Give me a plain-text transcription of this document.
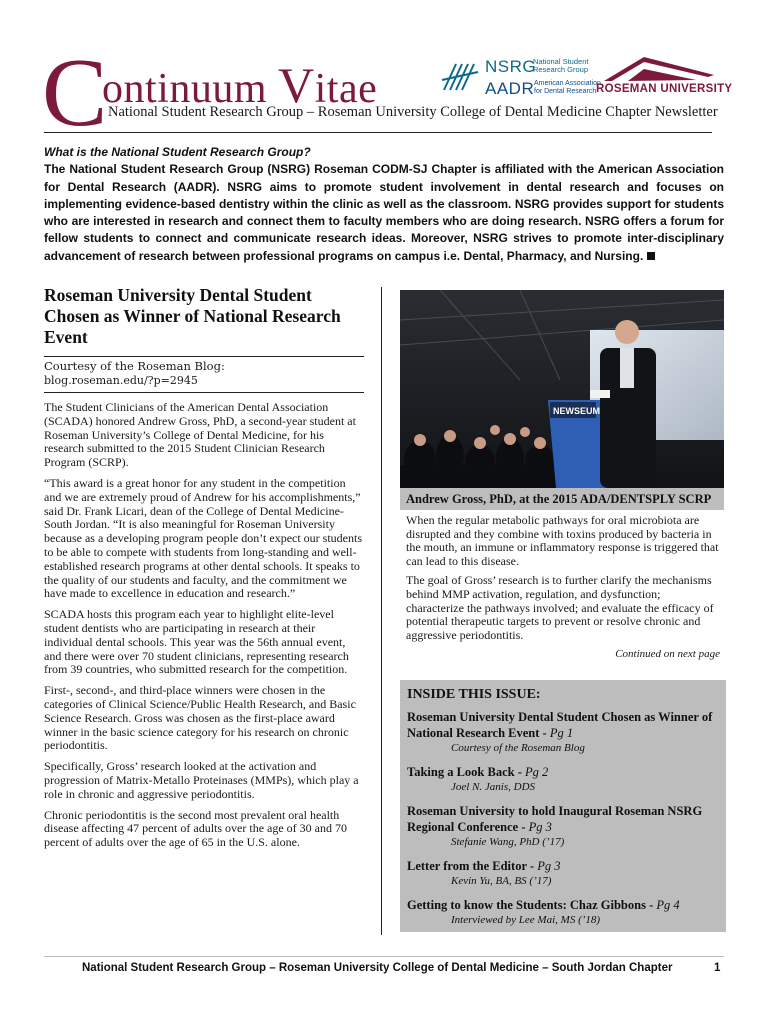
C
ontinuum Vitae
National Student Research Group – Roseman University College of Dental Medicine Chapter Newsletter
NSRG
National Student
Research Group
AADR American Association
for Dental Research ROSEMAN UNIVERSITY
What is the National Student Research Group?
The National Student Research Group (NSRG) Roseman CODM-SJ Chapter is affiliated with the American Association for Dental Research (AADR). NSRG aims to promote student involvement in dental research and focuses on implementing evidence-based dentistry within the clinic as well as the classroom. NSRG provides support for students who are interested in research and connect them to faculty members who are doing research. NSRG offers a forum for fellow students to connect and communicate research ideas. Moreover, NSRG strives to promote inter-disciplinary advancement of research between professional programs on campus i.e. Dental, Pharmacy, and Nursing.
Roseman University Dental Student Chosen as Winner of National Research Event
Courtesy of the Roseman Blog:
blog.roseman.edu/?p=2945

The Student Clinicians of the American Dental Association (SCADA) honored Andrew Gross, PhD, a second-year student at Roseman University’s College of Dental Medicine, for his research submitted to the 2015 Student Clinician Research Program (SCRP).

“This award is a great honor for any student in the competition and we are extremely proud of Andrew for his accomplishments,” said Dr. Frank Licari, dean of the College of Dental Medicine-South Jordan. “It is also meaningful for Roseman University because as a developing program people don’t expect our students to be able to compete with students from long-standing and well-established research programs at other dental schools. It speaks to the quality of our students and faculty, and the commitment we have made to excellence in education and research.”

SCADA hosts this program each year to highlight elite-level student dentists who are participating in research at their individual dental schools. This year was the 56th annual event, and there were over 70 student clinicians, representing research from 39 countries, who submitted research for the competition.

First-, second-, and third-place winners were chosen in the categories of Clinical Science/Public Health Research, and Basic Science Research. Gross was chosen as the first-place award winner in the basic science category for his research on chronic periodontitis.

Specifically, Gross’ research looked at the activation and progression of Matrix-Metallo Proteinases (MMPs), which play a role in chronic and aggressive periodontitis.

Chronic periodontitis is the second most prevalent oral health disease affecting 47 percent of adults over the age of 30 and 70 percent of adults over the age of 65 in the U.S. alone.

NEWSEUM
Andrew Gross, PhD, at the 2015 ADA/DENTSPLY SCRP

When the regular metabolic pathways for oral microbiota are disrupted and they combine with toxins produced by bacteria in the mouth, an immune or inflammatory response is triggered that can lead to this disease.

The goal of Gross’ research is to further clarify the mechanisms behind MMP activation, regulation, and dysfunction; characterize the pathways involved; and evaluate the efficacy of potential therapeutic targets to prevent or resolve chronic and aggressive periodontitis.

Continued on next page
INSIDE THIS ISSUE:
Roseman University Dental Student Chosen as Winner of National Research Event - Pg 1
Courtesy of the Roseman Blog
Taking a Look Back - Pg 2
Joel N. Janis, DDS
Roseman University to hold Inaugural Roseman NSRG Regional Conference - Pg 3
Stefanie Wang, PhD (’17)
Letter from the Editor - Pg 3
Kevin Yu, BA, BS (’17)
Getting to know the Students: Chaz Gibbons - Pg 4
Interviewed by Lee Mai, MS (’18)
National Student Research Group – Roseman University College of Dental Medicine – South Jordan Chapter	1
